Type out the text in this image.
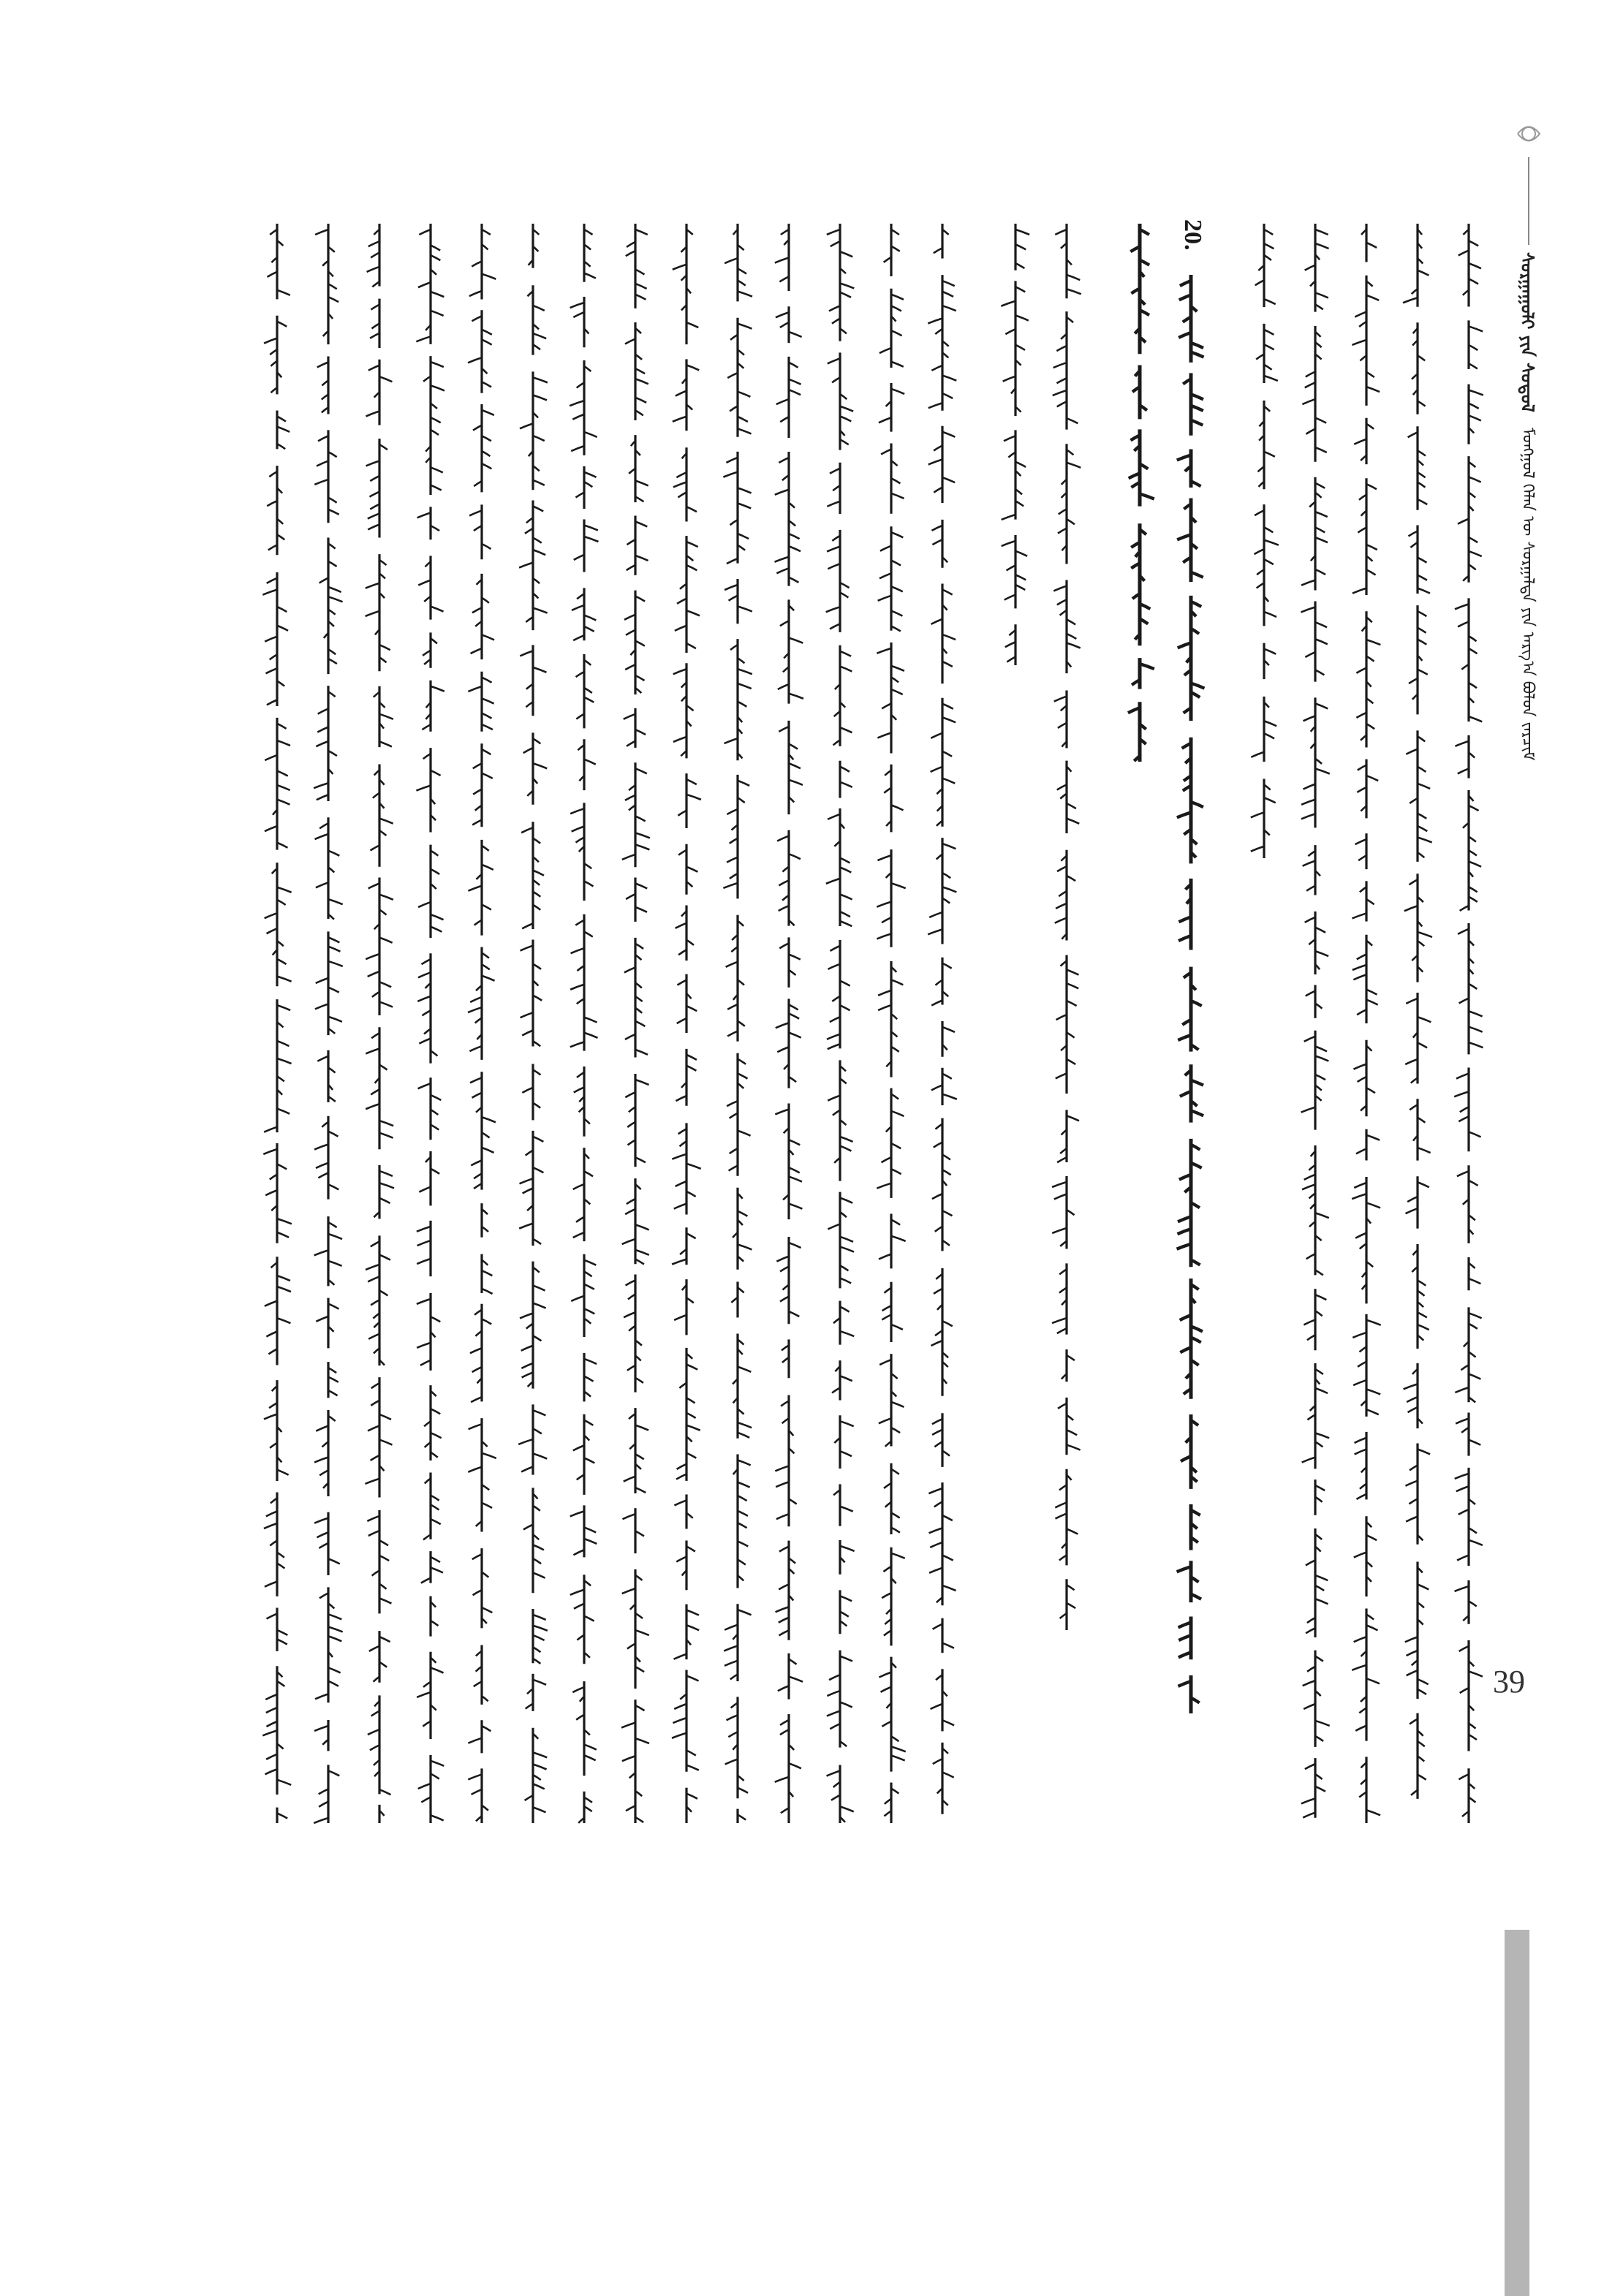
ᠰᠤᠷᠭᠠᠭᠤᠯᠢ ᠶᠢᠨ ᠰᠤᠳᠤᠯ ᠮᠣᠩᠭᠣᠯ ᠬᠡᠯᠡᠨ ᠦ ᠰᠤᠷᠭᠠᠯᠲᠠ ᠶᠢᠨ ᠠᠷᠭ᠎ᠠ ᠪᠣᠯᠤᠨ ᠵᠠᠷᠴᠢᠮ
39
20.
